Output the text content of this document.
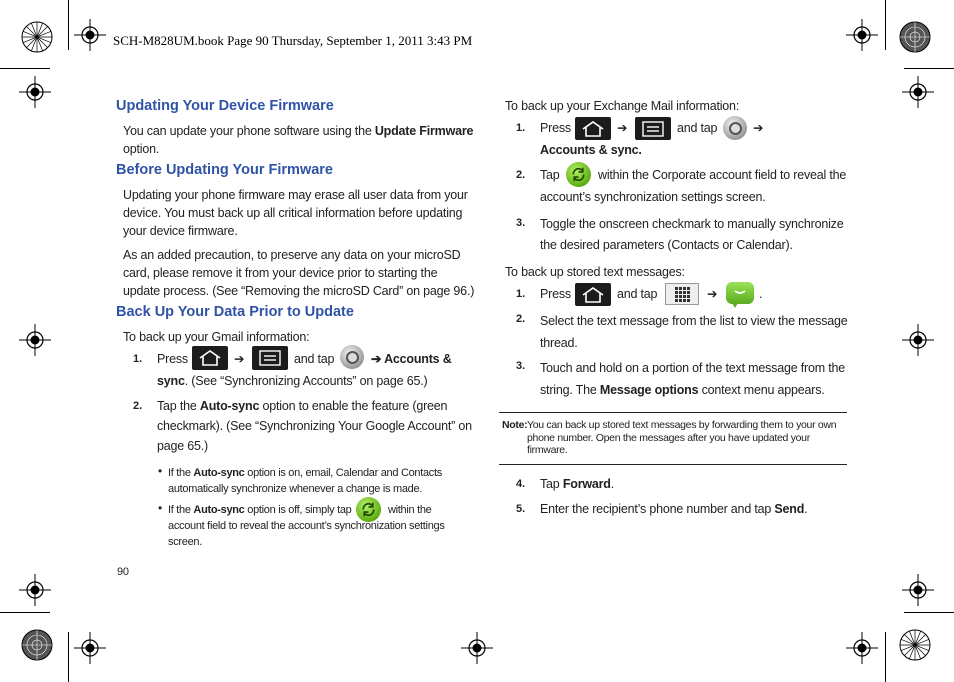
SCH-M828UM.book Page 90 Thursday, September 1, 2011 3:43 PM
Updating Your Device Firmware
You can update your phone software using the Update Firmware
option.
Before Updating Your Firmware
Updating your phone firmware may erase all user data from your
device. You must back up all critical information before updating
your device firmware.
As an added precaution, to preserve any data on your microSD
card, please remove it from your device prior to starting the
update process. (See “Removing the microSD Card” on page 96.)
Back Up Your Data Prior to Update
To back up your Gmail information:
1. Press	➔	and tap	➔ Accounts &
sync. (See “Synchronizing Accounts” on page 65.)
2. Tap the Auto-sync option to enable the feature (green
checkmark). (See “Synchronizing Your Google Account” on
page 65.)
• If the Auto-sync option is on, email, Calendar and Contacts
automatically synchronize whenever a change is made.
• If the Auto-sync option is off, simply tap	within the
account field to reveal the account’s synchronization settings
screen.
90
To back up your Exchange Mail information:
1. Press	➔	and tap	➔
Accounts & sync.
2. Tap	within the Corporate account field to reveal the
account’s synchronization settings screen.
3. Toggle the onscreen checkmark to manually synchronize
the desired parameters (Contacts or Calendar).
To back up stored text messages:
1. Press	and tap	➔	.
2. Select the text message from the list to view the message
thread.
3. Touch and hold on a portion of the text message from the
string. The Message options context menu appears.
Note: You can back up stored text messages by forwarding them to your own
phone number. Open the messages after you have updated your
firmware.
4. Tap Forward.
5. Enter the recipient’s phone number and tap Send.
